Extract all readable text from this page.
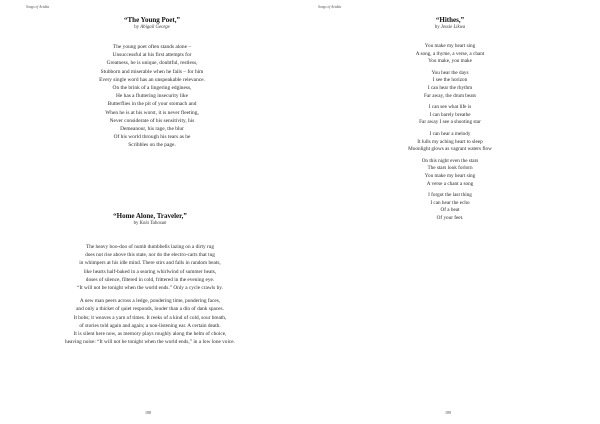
Songs of Avidita
“The Young Poet,”
by Abigail George
The young poet often stands alone –
Unsuccessful at his first attempts for
Greatness, he is unique, doubtful, restless,
Stubborn and miserable when he fails – for him
Every single word has an unspeakable relevance.
On the brink of a lingering edginess,
He has a fluttering insecurity like
Butterflies in the pit of your stomach and
When he is at his worst, it is never fleeting,
Never considerate of his sensitivity, his
Demeanour, his rage, the blur
Of his world through his tears as he
Scribbles on the page.
“Home Alone, Traveler,”
by Kola Tubosun
The heavy boo-doo of numb dumbbells lazing on a dirty rug
does not rise above this state, nor do the electro-carts that tug
in whimpers at his idle mind. There stirs and falls in random beats,
like hearts half-baked in a searing whirlwind of summer heats,
doses of silence, filtered in cold, frittered in the evening eye.
“It will not be tonight when the world ends.” Only a cycle crawls by.
A new man peers across a ledge, pondering time, pondering faces,
and only a thicket of quiet responds, louder than a din of dank spaces.
It bobs; it weaves a yarn of times. It reeks of a kind of cold, sour breath,
of stories told again and again; a non-listening ear. A certain death.
It is silent here now, as memory plays roughly along the helm of choice,
heaving noise: “It will not be tonight when the world ends,” in a low lone voice.
188
Songs of Avidita
“Hithes,”
by Jessie Likwa
You make my heart sing
A song, a rhyme, a verse, a chant
You make, you make
You hear the days
I see the horizon
I can hear the rhythm
Far away, the drum beats
I can see what life is
I can barely breathe
Far away I see a shooting star
I can hear a melody
It lulls my aching heart to sleep
Moonlight glows as vagrant waters flow
On this night even the stars
The stars look forlorn
You make my heart sing
A verse a chant a song
I forgot the last thing
I can hear the echo
Of a beat
Of your feet.
189
